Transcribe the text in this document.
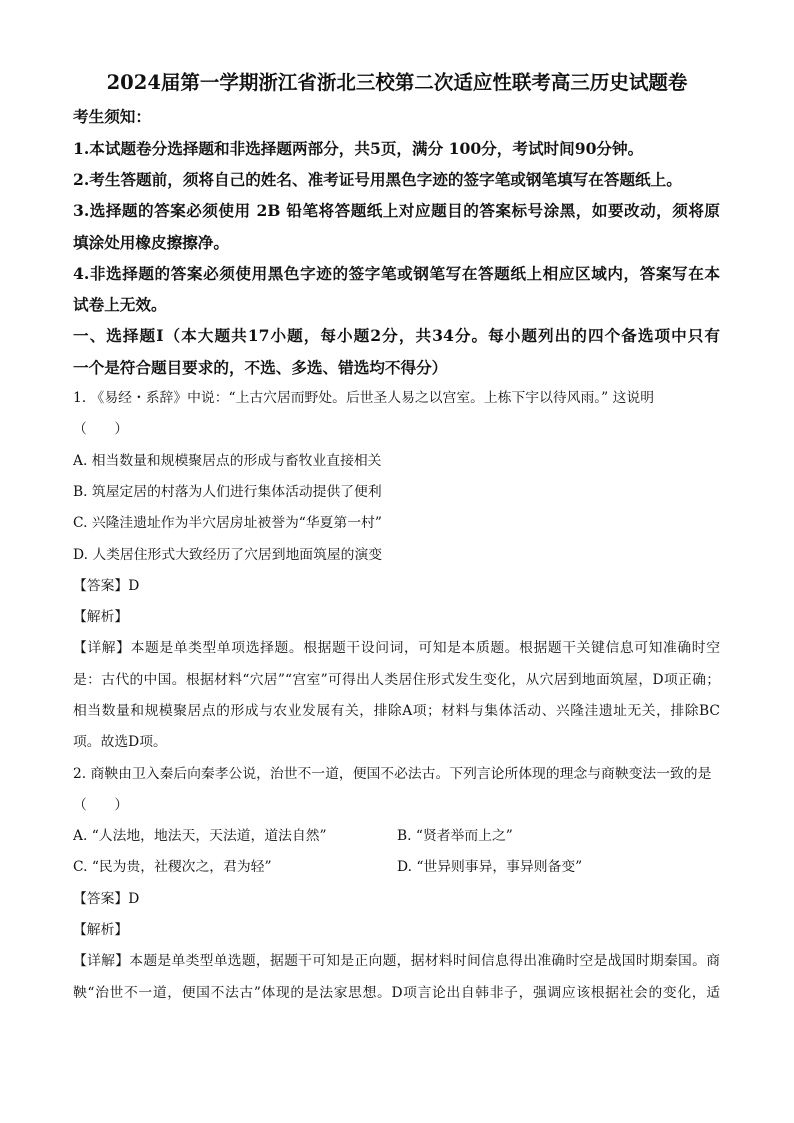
2024届第一学期浙江省浙北三校第二次适应性联考高三历史试题卷
考生须知：
1.本试题卷分选择题和非选择题两部分，共5页，满分 100分，考试时间90分钟。
2.考生答题前，须将自己的姓名、准考证号用黑色字迹的签字笔或钢笔填写在答题纸上。
3.选择题的答案必须使用 2B 铅笔将答题纸上对应题目的答案标号涂黑，如要改动，须将原
填涂处用橡皮擦擦净。
4.非选择题的答案必须使用黑色字迹的签字笔或钢笔写在答题纸上相应区域内，答案写在本
试卷上无效。
一、选择题Ⅰ（本大题共17小题，每小题2分，共34分。每小题列出的四个备选项中只有
一个是符合题目要求的，不选、多选、错选均不得分）
1. 《易经・系辞》中说：“上古穴居而野处。后世圣人易之以宫室。上栋下宇以待风雨。” 这说明
（　　）
A. 相当数量和规模聚居点的形成与畜牧业直接相关
B. 筑屋定居的村落为人们进行集体活动提供了便利
C. 兴隆洼遗址作为半穴居房址被誉为“华夏第一村”
D. 人类居住形式大致经历了穴居到地面筑屋的演变
【答案】D
【解析】
【详解】本题是单类型单项选择题。根据题干设问词，可知是本质题。根据题干关键信息可知准确时空
是：古代的中国。根据材料“穴居”“宫室”可得出人类居住形式发生变化，从穴居到地面筑屋，D项正确；
相当数量和规模聚居点的形成与农业发展有关，排除A项；材料与集体活动、兴隆洼遗址无关，排除BC
项。故选D项。
2. 商鞅由卫入秦后向秦孝公说，治世不一道，便国不必法古。下列言论所体现的理念与商鞅变法一致的是
（　　）
A. “人法地，地法天，天法道，道法自然”	B. “贤者举而上之”
C. “民为贵，社稷次之，君为轻”	D. “世异则事异，事异则备变”
【答案】D
【解析】
【详解】本题是单类型单选题，据题干可知是正向题，据材料时间信息得出准确时空是战国时期秦国。商
鞅“治世不一道，便国不法古”体现的是法家思想。D项言论出自韩非子，强调应该根据社会的变化，适
